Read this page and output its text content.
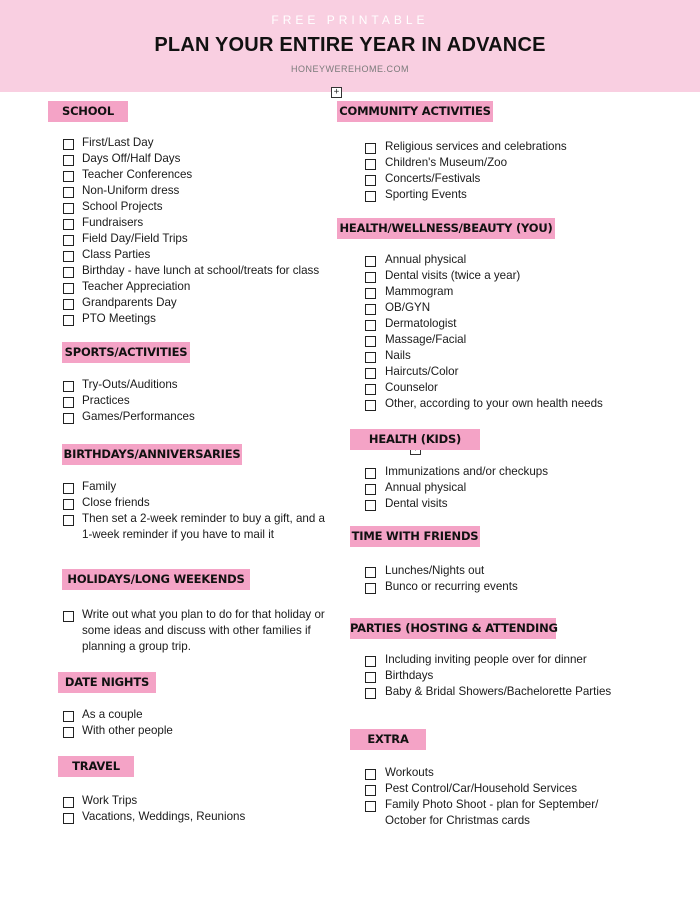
FREE PRINTABLE
PLAN YOUR ENTIRE YEAR IN ADVANCE
HONEYWEREHOME.COM
+
SCHOOL
First/Last Day
Days Off/Half Days
Teacher Conferences
Non-Uniform dress
School Projects
Fundraisers
Field Day/Field Trips
Class Parties
Birthday - have lunch at school/treats for class
Teacher Appreciation
Grandparents Day
PTO Meetings
SPORTS/ACTIVITIES
Try-Outs/Auditions
Practices
Games/Performances
BIRTHDAYS/ANNIVERSARIES
Family
Close friends
Then set a 2-week reminder to buy a gift, and a 1-week reminder if you have to mail it
HOLIDAYS/LONG WEEKENDS
Write out what you plan to do for that holiday or some ideas and discuss with other families if planning a group trip.
DATE NIGHTS
As a couple
With other people
TRAVEL
Work Trips
Vacations, Weddings, Reunions
COMMUNITY ACTIVITIES
Religious services and celebrations
Children's Museum/Zoo
Concerts/Festivals
Sporting Events
HEALTH/WELLNESS/BEAUTY (YOU)
Annual physical
Dental visits (twice a year)
Mammogram
OB/GYN
Dermatologist
Massage/Facial
Nails
Haircuts/Color
Counselor
Other, according to your own health needs
HEALTH (KIDS)
Immunizations and/or checkups
Annual physical
Dental visits
TIME WITH FRIENDS
Lunches/Nights out
Bunco or recurring events
PARTIES (HOSTING & ATTENDING
Including inviting people over for dinner
Birthdays
Baby & Bridal Showers/Bachelorette Parties
EXTRA
Workouts
Pest Control/Car/Household Services
Family Photo Shoot - plan for September/ October for Christmas cards
